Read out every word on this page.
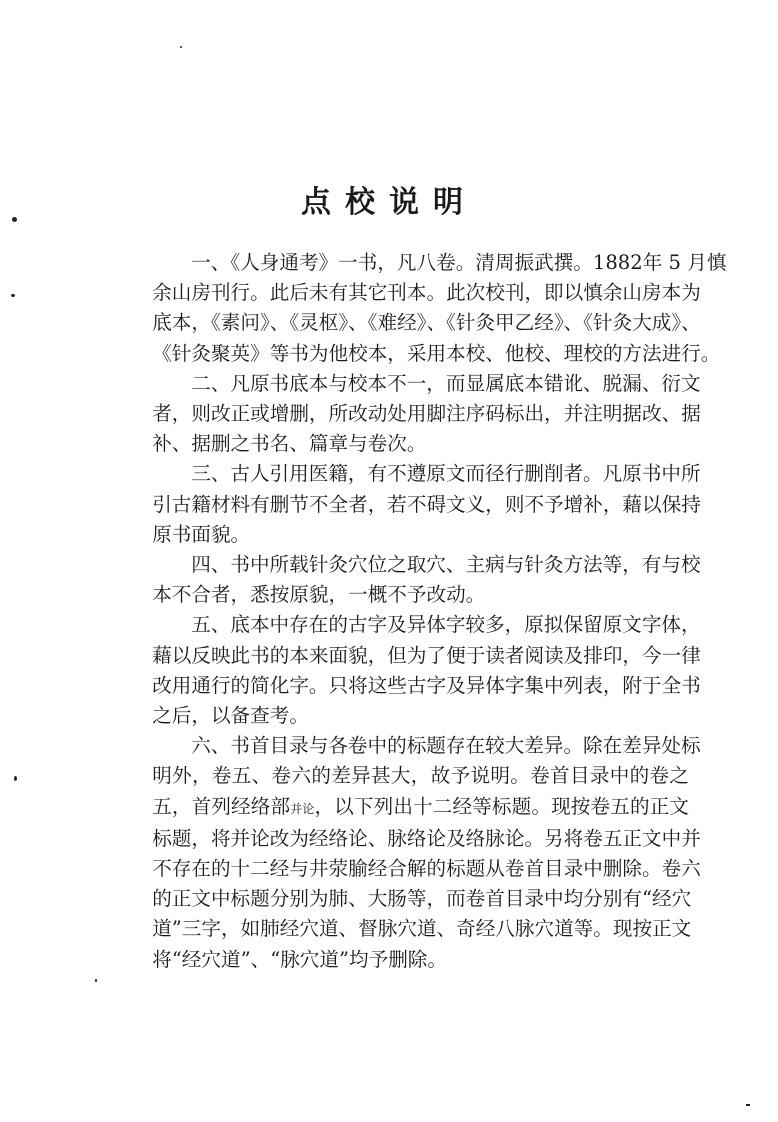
点校说明

一、《人身通考》一书，凡八卷。清周振武撰。1882年 5 月慎
余山房刊行。此后未有其它刊本。此次校刊，即以慎余山房本为
底本，《素问》、《灵枢》、《难经》、《针灸甲乙经》、《针灸大成》、
《针灸聚英》等书为他校本，采用本校、他校、理校的方法进行。

二、凡原书底本与校本不一，而显属底本错讹、脱漏、衍文
者，则改正或增删，所改动处用脚注序码标出，并注明据改、据
补、据删之书名、篇章与卷次。

三、古人引用医籍，有不遵原文而径行删削者。凡原书中所
引古籍材料有删节不全者，若不碍文义，则不予增补，藉以保持
原书面貌。

四、书中所载针灸穴位之取穴、主病与针灸方法等，有与校
本不合者，悉按原貌，一概不予改动。

五、底本中存在的古字及异体字较多，原拟保留原文字体，
藉以反映此书的本来面貌，但为了便于读者阅读及排印，今一律
改用通行的简化字。只将这些古字及异体字集中列表，附于全书
之后，以备查考。

六、书首目录与各卷中的标题存在较大差异。除在差异处标
明外，卷五、卷六的差异甚大，故予说明。卷首目录中的卷之
五，首列经络部并论，以下列出十二经等标题。现按卷五的正文
标题，将并论改为经络论、脉络论及络脉论。另将卷五正文中并
不存在的十二经与井荥腧经合解的标题从卷首目录中删除。卷六
的正文中标题分别为肺、大肠等，而卷首目录中均分别有“经穴
道”三字，如肺经穴道、督脉穴道、奇经八脉穴道等。现按正文
将“经穴道”、“脉穴道”均予删除。
